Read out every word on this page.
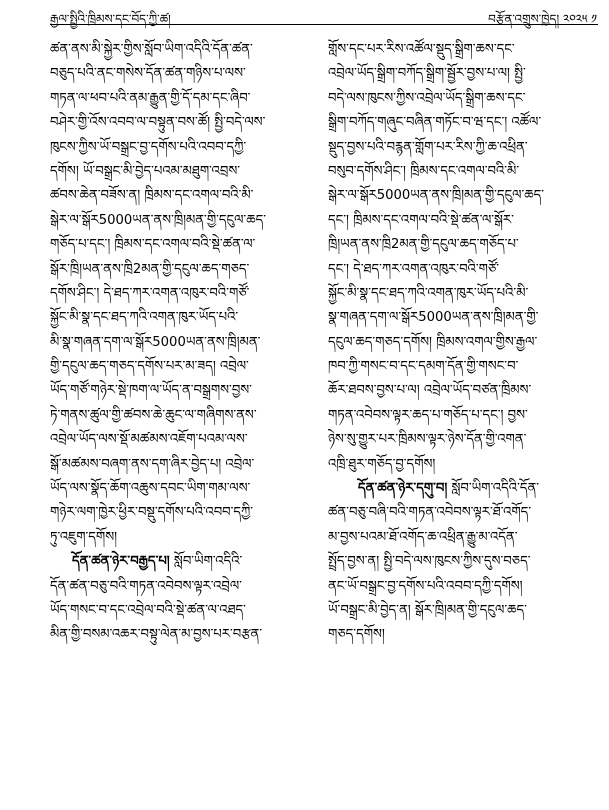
རྒྱལ་སྤྱིའི་ཁྲིམས་དང་བོད་ཀྱི་ཚ།	བརྩོན་འགྲུས་ཁྱེད། ༢༠༢༥ ༡
ཚན་ནས་མི་སྐྱེར་གྱིས་སློབ་ཡིག་འདིའི་དོན་ཚན་
བཅུད་པའི་ནང་གསེས་དོན་ཚན་གཉིས་པ་ལས་
གཏན་ལ་ཕབ་པའི་ནམ་རྒྱུན་གྱི་དོ་དམ་དང་ཞིབ་
བཤེར་གྱི་འོས་འབབ་ལ་བསྟུན་བས་ཚོ། སྤྱི་བདེ་ལས་
ཁུངས་ཀྱིས་ཡོ་བསྒྲང་བྱ་དགོས་པའི་འབབ་དཀྱི་
དགོས། ཡོ་བསྒྲང་མི་བྱེད་པའམ་མཐུག་འབྲས་
ཚབས་ཆེན་བཟོས་ན། ཁྲིམས་དང་འགལ་བའི་མི་
སྒེར་ལ་སྒོར5000ཡན་ནས་ཁྲི།མན་གྱི་དངུལ་ཆད་
གཅོད་པ་དང་། ཁྲིམས་དང་འགལ་བའི་སྡེ་ཚན་ལ་
སྒོར་ཁྲི།ཡན་ནས་ཁྲི2མན་གྱི་དངུལ་ཆད་གཅད་
དགོས་ཤིང་། དེ་ཐད་ཀར་འགན་འཁུར་བའི་གཙོ་
སྐྱོང་མི་སྣ་དང་ཐད་ཀའི་འགན་ཁུར་ཡོད་པའི་
མི་སྣ་གཞན་དག་ལ་སྒོར5000ཡན་ནས་ཁྲི།མན་
གྱི་དངུལ་ཆད་གཅད་དགོས་པར་མ་ཟད། འབྲེལ་
ཡོད་གཙོ་གཉེར་སྡེ་ཁག་ལ་ཡོད་ན་བསྒྲགས་བྱས་
ཏེ་གནས་ཚུལ་གྱི་ཚབས་ཆེ་ཆུང་ལ་གཞིགས་ནས་
འབྲེལ་ཡོད་ལས་སྡོ་མཚམས་འཇོག་པའམ་ལས་
སྒོ་མཚམས་བཞག་ནས་དག་ཞིར་བྱེད་པ། འབྲེལ་
ཡོད་ལས་སྣོད་ཆོག་འཆུས་དབང་ཡིག་གམ་ལས་
གཉེར་ལག་ཁྱེར་ཕྱིར་བསྡུ་དགོས་པའི་འབབ་དཀྱི་
ཏུ་འཇུག་དགོས།
དོན་ཚན་ཉེར་བརྒྱད་པ། སློབ་ཡིག་འདིའི་
དོན་ཚན་བཅུ་བའི་གཏན་འབེབས་ལྟར་འབྲེལ་
ཡོད་གསང་བ་དང་འབྲེལ་བའི་སྡེ་ཚན་ལ་འཐད་
མིན་གྱི་བསམ་འཆར་བསྟུ་ལེན་མ་བྱས་པར་བརྩན་
གློས་དང་པར་རིས་འཚོལ་སྡུད་སྒྲིག་ཆས་དང་
འབྲེལ་ཡོད་སྒྲིག་བཀོད་སྒྲིག་སྦྱོར་བྱས་པ་ལ། སྤྱི་
བདེ་ལས་ཁུངས་ཀྱིས་འབྲེལ་ཡོད་སྒྲིག་ཆས་དང་
སྒྲིག་བཀོད་གཞུང་བཞིན་གཏོང་བ་ཝ་དང་། འཚོལ་
སྡུད་བྱས་པའི་བརྙན་གློག་པར་རིས་ཀྱི་ཆ་འཕྲིན་
བསུབ་དགོས་ཤིང་། ཁྲིམས་དང་འགལ་བའི་མི་
སྒེར་ལ་སྒོར5000ཡན་ནས་ཁྲི།མན་གྱི་དངུལ་ཆད་
དང་། ཁྲིམས་དང་འགལ་བའི་སྡེ་ཚན་ལ་སྒོར་
ཁྲི།ཡན་ནས་ཁྲི2མན་གྱི་དངུལ་ཆད་གཅོད་པ་
དང་། དེ་ཐད་ཀར་འགན་འཁུར་བའི་གཙོ་
སྐྱོང་མི་སྣ་དང་ཐད་ཀའི་འགན་ཁུར་ཡོད་པའི་མི་
སྣ་གཞན་དག་ལ་སྒོར5000ཡན་ནས་ཁྲི།མན་གྱི་
དངུལ་ཆད་གཅད་དགོས། ཁྲིམས་འགལ་གྱིས་རྒྱལ་
ཁབ་ཀྱི་གསང་བ་དང་དམག་དོན་གྱི་གསང་བ་
ཆོར་ཐབས་བྱས་པ་ལ། འབྲེལ་ཡོད་བཙན་ཁྲིམས་
གཏན་འབེབས་ལྟར་ཆད་པ་གཅོད་པ་དང་། བྱས་
ཉེས་སུ་གྱུར་པར་ཁྲིམས་ལྟར་ཉེས་དོན་གྱི་འགན་
འཁྲི་ཐུར་གཅོད་བྱ་དགོས།
དོན་ཚན་ཉེར་དགུ་བ། སློབ་ཡིག་འདིའི་དོན་
ཚན་བཅུ་བཞི་བའི་གཏན་འབེབས་ལྟར་ཐོ་འགོད་
མ་བྱས་པའམ་ཐོ་འགོད་ཆ་འཕྲིན་རྒྱུ་མ་འདོན་
སྤྲོད་བྱས་ན། སྤྱི་བདེ་ལས་ཁུངས་ཀྱིས་དུས་བཅད་
ནང་ཡོ་བསྒྲང་བྱ་དགོས་པའི་འབབ་དཀྱི་དགོས།
ཡོ་བསྒྲང་མི་བྱེད་ན། སྒོར་ཁྲི།མན་གྱི་དངུལ་ཆད་
གཅད་དགོས།
